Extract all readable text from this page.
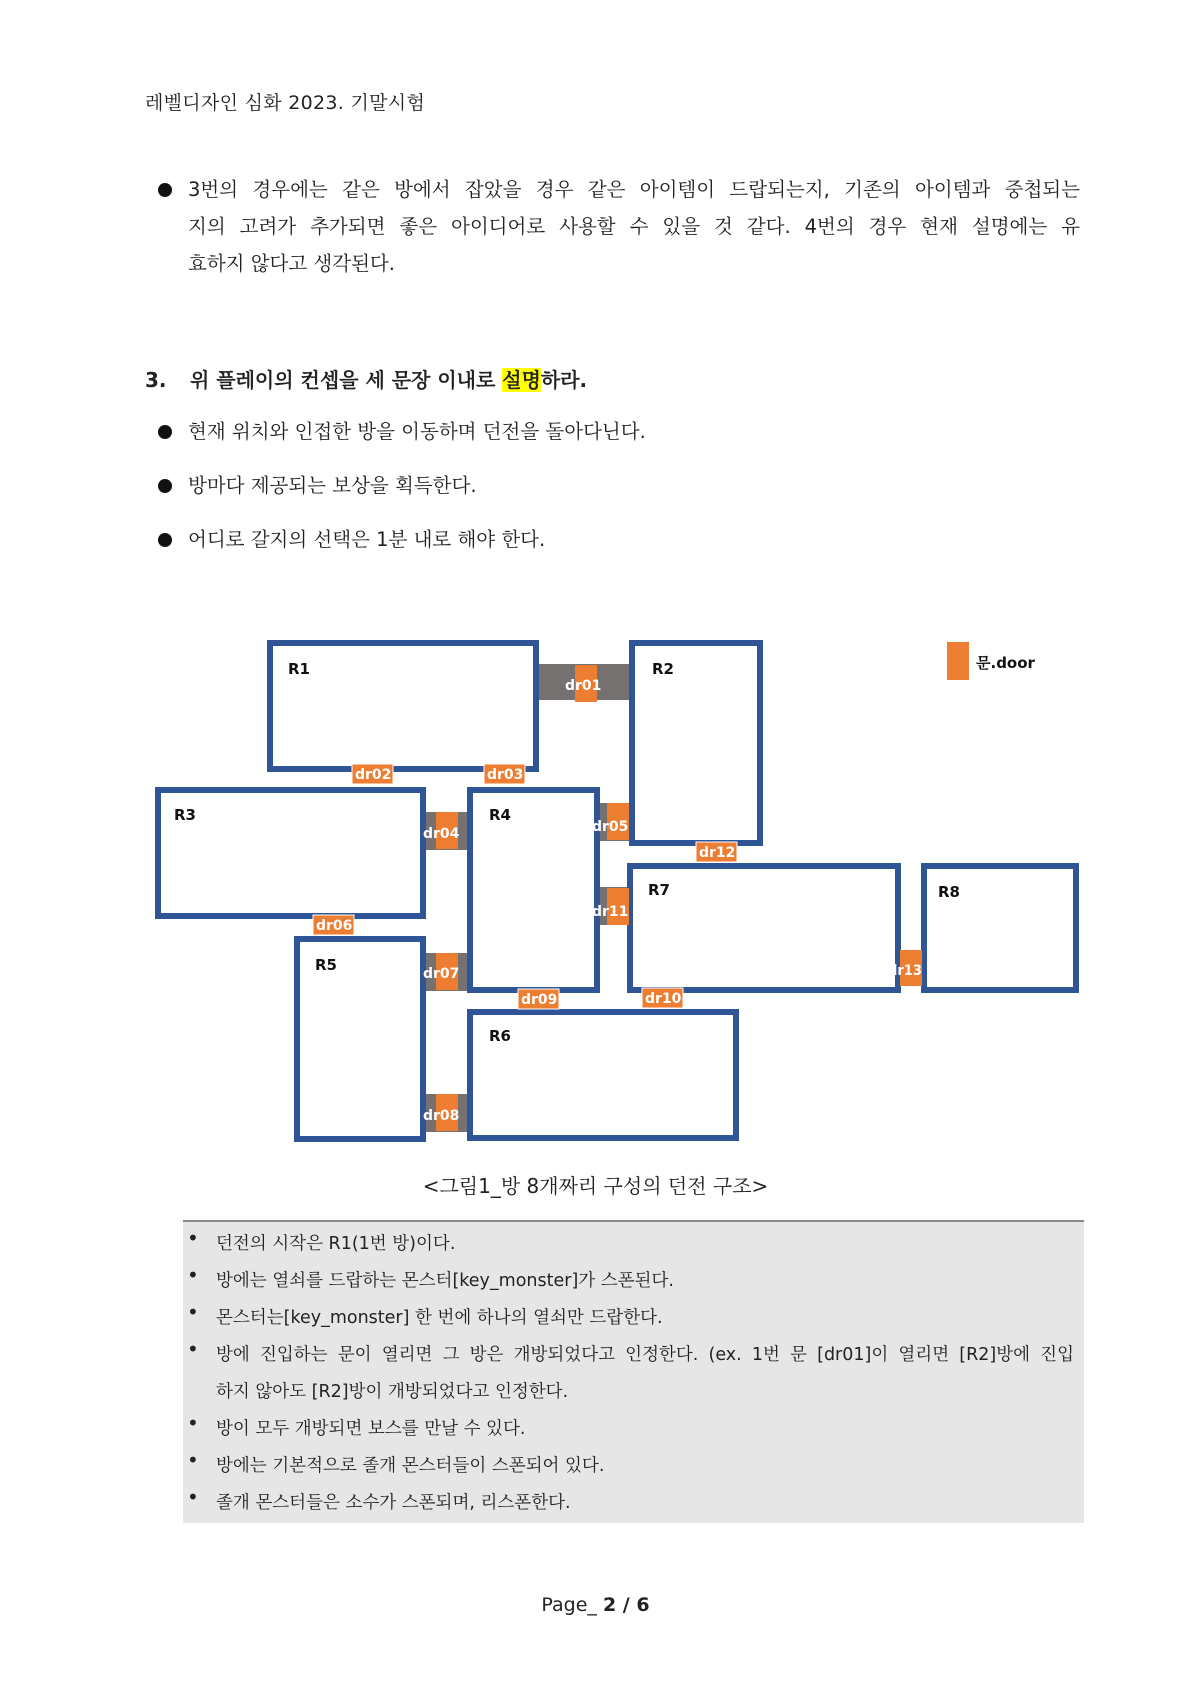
레벨디자인 심화 2023. 기말시험
3번의 경우에는 같은 방에서 잡았을 경우 같은 아이템이 드랍되는지, 기존의 아이템과 중첩되는
지의 고려가 추가되면 좋은 아이디어로 사용할 수 있을 것 같다. 4번의 경우 현재 설명에는 유
효하지 않다고 생각된다.
3. 위 플레이의 컨셉을 세 문장 이내로 설명하라.
현재 위치와 인접한 방을 이동하며 던전을 돌아다닌다.
방마다 제공되는 보상을 획득한다.
어디로 갈지의 선택은 1분 내로 해야 한다.
R1	R2
R3	R4
R5
R6
R7	R8
dr01
dr04	dr05
dr11
dr07
dr08
dr13
dr02	dr03
dr12
dr06
dr09	dr10
문.door
<그림1_방 8개짜리 구성의 던전 구조>
• 던전의 시작은 R1(1번 방)이다.
• 방에는 열쇠를 드랍하는 몬스터[key_monster]가 스폰된다.
• 몬스터는[key_monster] 한 번에 하나의 열쇠만 드랍한다.
• 방에 진입하는 문이 열리면 그 방은 개방되었다고 인정한다. (ex. 1번 문 [dr01]이 열리면 [R2]방에 진입
하지 않아도 [R2]방이 개방되었다고 인정한다.
• 방이 모두 개방되면 보스를 만날 수 있다.
• 방에는 기본적으로 졸개 몬스터들이 스폰되어 있다.
• 졸개 몬스터들은 소수가 스폰되며, 리스폰한다.
Page_ 2 / 6
